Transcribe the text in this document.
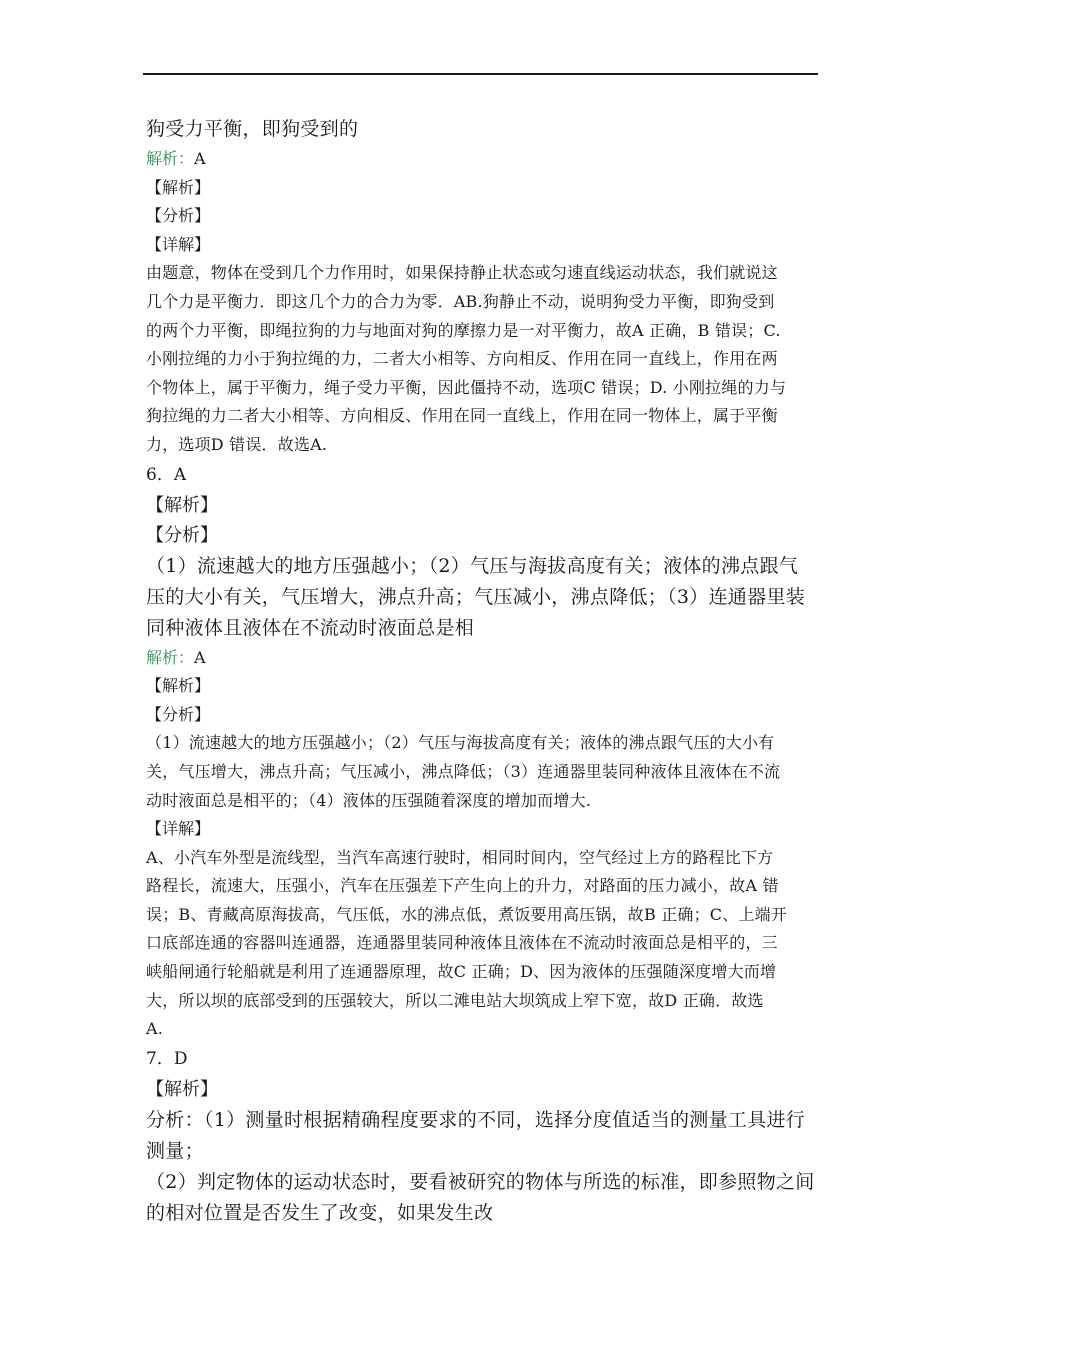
狗受力平衡，即狗受到的

解析：A

【解析】

【分析】

【详解】

由题意，物体在受到几个力作用时，如果保持静止状态或匀速直线运动状态，我们就说这

几个力是平衡力．即这几个力的合力为零．AB.狗静止不动，说明狗受力平衡，即狗受到

的两个力平衡，即绳拉狗的力与地面对狗的摩擦力是一对平衡力，故A 正确，B 错误；C.

小刚拉绳的力小于狗拉绳的力，二者大小相等、方向相反、作用在同一直线上，作用在两

个物体上，属于平衡力，绳子受力平衡，因此僵持不动，选项C 错误；D. 小刚拉绳的力与

狗拉绳的力二者大小相等、方向相反、作用在同一直线上，作用在同一物体上，属于平衡

力，选项D 错误．故选A.

6．A

【解析】

【分析】

（1）流速越大的地方压强越小；（2）气压与海拔高度有关；液体的沸点跟气

压的大小有关，气压增大，沸点升高；气压减小，沸点降低；（3）连通器里装

同种液体且液体在不流动时液面总是相

解析：A

【解析】

【分析】

（1）流速越大的地方压强越小；（2）气压与海拔高度有关；液体的沸点跟气压的大小有

关，气压增大，沸点升高；气压减小，沸点降低；（3）连通器里装同种液体且液体在不流

动时液面总是相平的；（4）液体的压强随着深度的增加而增大.

【详解】

A、小汽车外型是流线型，当汽车高速行驶时，相同时间内，空气经过上方的路程比下方

路程长，流速大，压强小，汽车在压强差下产生向上的升力，对路面的压力减小，故A 错

误；B、青藏高原海拔高，气压低，水的沸点低，煮饭要用高压锅，故B 正确；C、上端开

口底部连通的容器叫连通器，连通器里装同种液体且液体在不流动时液面总是相平的，三

峡船闸通行轮船就是利用了连通器原理，故C 正确；D、因为液体的压强随深度增大而增

大，所以坝的底部受到的压强较大，所以二滩电站大坝筑成上窄下宽，故D 正确．故选

A.

7．D

【解析】

分析：（1）测量时根据精确程度要求的不同，选择分度值适当的测量工具进行

测量；

（2）判定物体的运动状态时，要看被研究的物体与所选的标准，即参照物之间

的相对位置是否发生了改变，如果发生改
